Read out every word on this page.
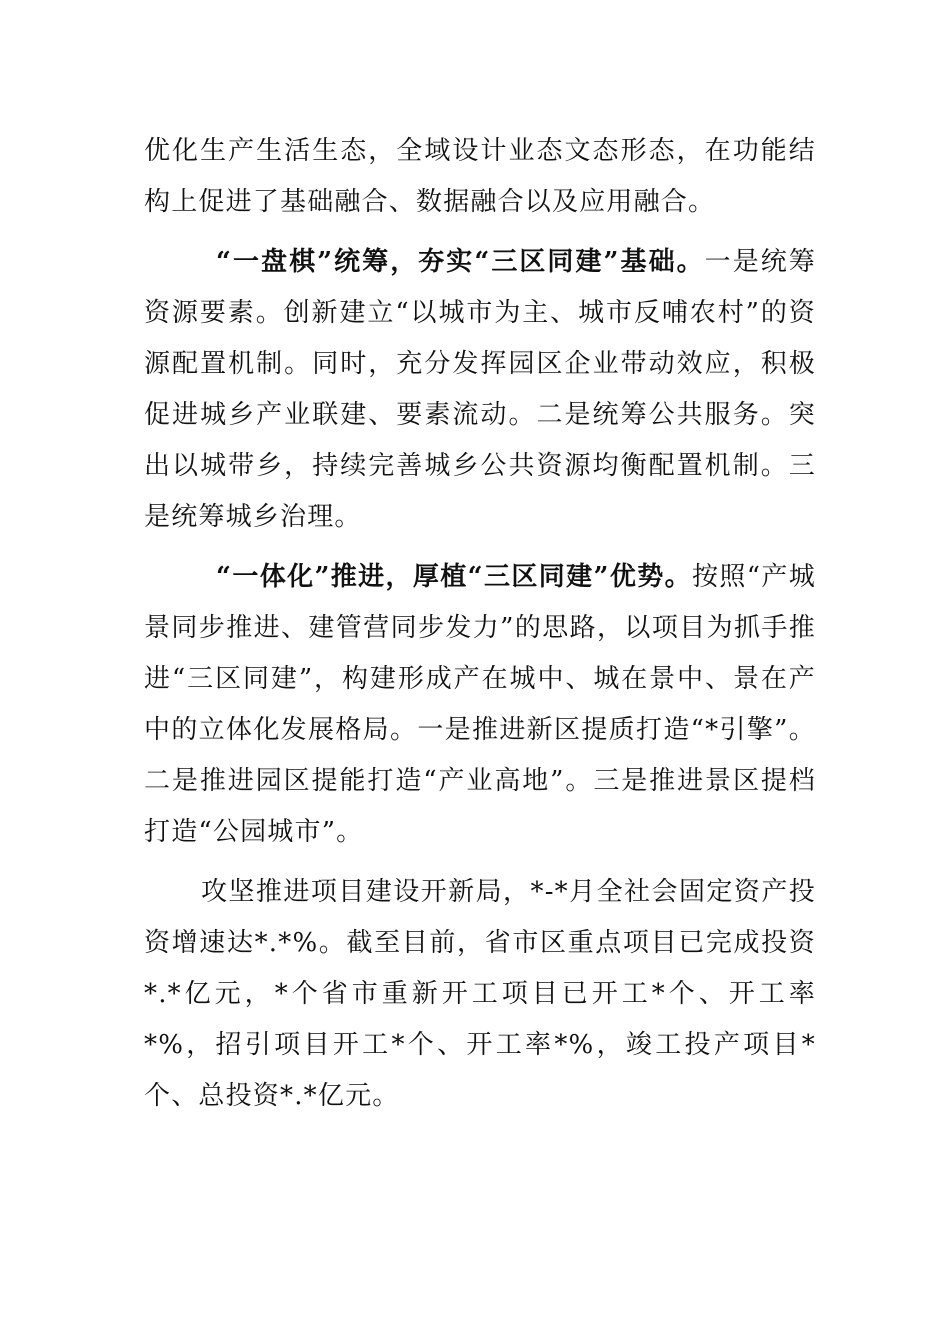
优化生产生活生态，全域设计业态文态形态，在功能结构上促进了基础融合、数据融合以及应用融合。

“一盘棋”统筹，夯实“三区同建”基础。一是统筹资源要素。创新建立“以城市为主、城市反哺农村”的资源配置机制。同时，充分发挥园区企业带动效应，积极促进城乡产业联建、要素流动。二是统筹公共服务。突出以城带乡，持续完善城乡公共资源均衡配置机制。三是统筹城乡治理。

“一体化”推进，厚植“三区同建”优势。按照“产城景同步推进、建管营同步发力”的思路，以项目为抓手推进“三区同建”，构建形成产在城中、城在景中、景在产中的立体化发展格局。一是推进新区提质打造“*引擎”。二是推进园区提能打造“产业高地”。三是推进景区提档打造“公园城市”。

攻坚推进项目建设开新局，*-*月全社会固定资产投资增速达*.*%。截至目前，省市区重点项目已完成投资*.*亿元，*个省市重新开工项目已开工*个、开工率*%，招引项目开工*个、开工率*%，竣工投产项目*个、总投资*.*亿元。
